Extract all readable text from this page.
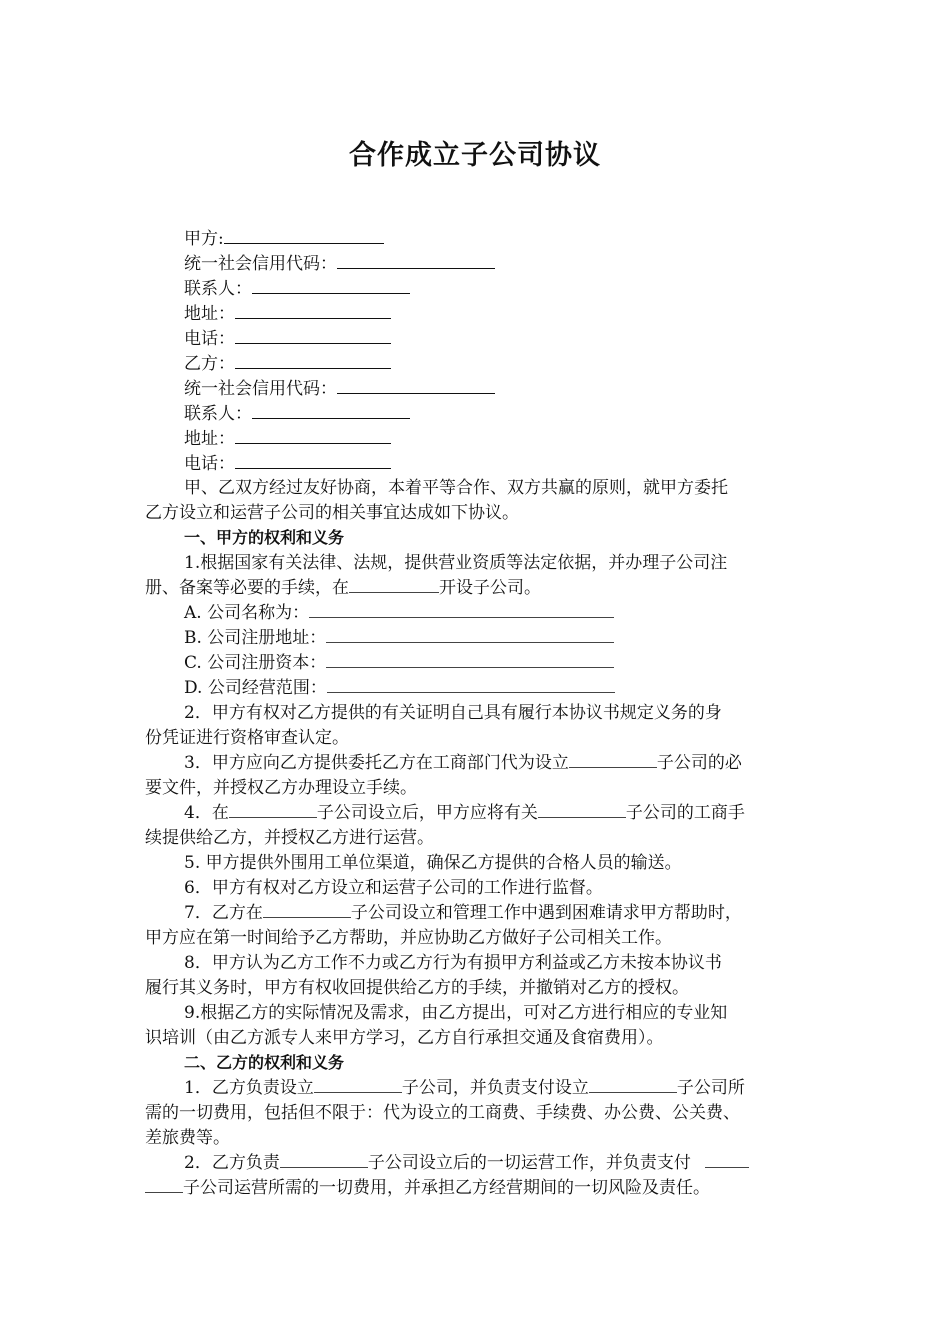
合作成立子公司协议
甲方:
统一社会信用代码：
联系人：
地址：
电话：
乙方：
统一社会信用代码：
联系人：
地址：
电话：
甲、乙双方经过友好协商，本着平等合作、双方共赢的原则，就甲方委托
乙方设立和运营子公司的相关事宜达成如下协议。
一、甲方的权利和义务
1.根据国家有关法律、法规，提供营业资质等法定依据，并办理子公司注
册、备案等必要的手续，在	开设子公司。
A. 公司名称为：
B. 公司注册地址：
C. 公司注册资本：
D. 公司经营范围：
2．甲方有权对乙方提供的有关证明自己具有履行本协议书规定义务的身
份凭证进行资格审查认定。
3．甲方应向乙方提供委托乙方在工商部门代为设立	子公司的必
要文件，并授权乙方办理设立手续。
4．在	子公司设立后，甲方应将有关	子公司的工商手
续提供给乙方，并授权乙方进行运营。
5. 甲方提供外围用工单位渠道，确保乙方提供的合格人员的输送。
6．甲方有权对乙方设立和运营子公司的工作进行监督。
7．乙方在	子公司设立和管理工作中遇到困难请求甲方帮助时，
甲方应在第一时间给予乙方帮助，并应协助乙方做好子公司相关工作。
8．甲方认为乙方工作不力或乙方行为有损甲方利益或乙方未按本协议书
履行其义务时，甲方有权收回提供给乙方的手续，并撤销对乙方的授权。
9.根据乙方的实际情况及需求，由乙方提出，可对乙方进行相应的专业知
识培训（由乙方派专人来甲方学习，乙方自行承担交通及食宿费用）。
二、乙方的权利和义务
1．乙方负责设立	子公司，并负责支付设立	子公司所
需的一切费用，包括但不限于：代为设立的工商费、手续费、办公费、公关费、
差旅费等。
2．乙方负责	子公司设立后的一切运营工作，并负责支付
子公司运营所需的一切费用，并承担乙方经营期间的一切风险及责任。
